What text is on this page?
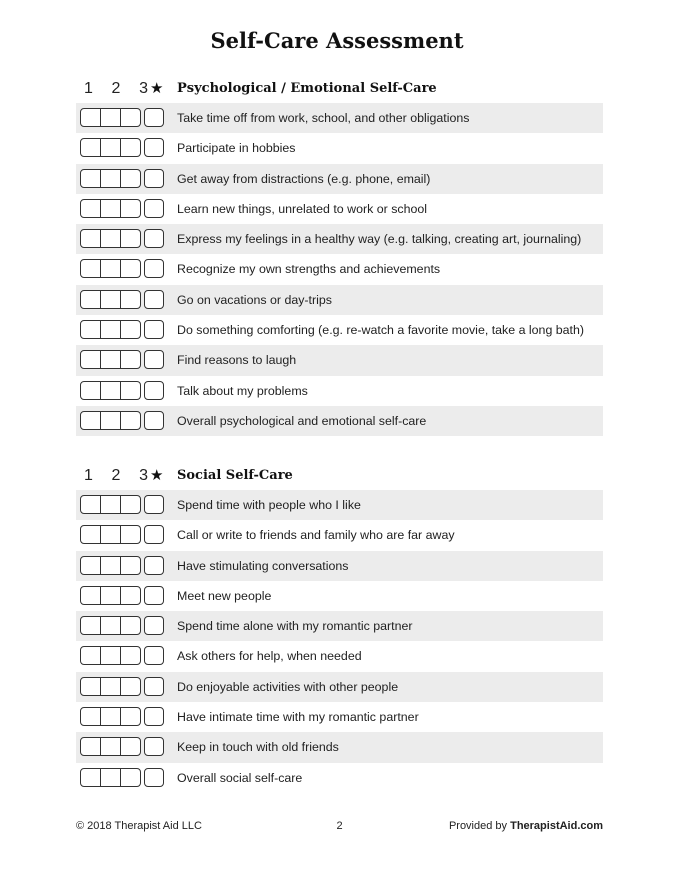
Self-Care Assessment
1 2 3 ★ Psychological / Emotional Self-Care
Take time off from work, school, and other obligations
Participate in hobbies
Get away from distractions (e.g. phone, email)
Learn new things, unrelated to work or school
Express my feelings in a healthy way (e.g. talking, creating art, journaling)
Recognize my own strengths and achievements
Go on vacations or day-trips
Do something comforting (e.g. re-watch a favorite movie, take a long bath)
Find reasons to laugh
Talk about my problems
Overall psychological and emotional self-care
1 2 3 ★ Social Self-Care
Spend time with people who I like
Call or write to friends and family who are far away
Have stimulating conversations
Meet new people
Spend time alone with my romantic partner
Ask others for help, when needed
Do enjoyable activities with other people
Have intimate time with my romantic partner
Keep in touch with old friends
Overall social self-care
© 2018 Therapist Aid LLC	2	Provided by TherapistAid.com
